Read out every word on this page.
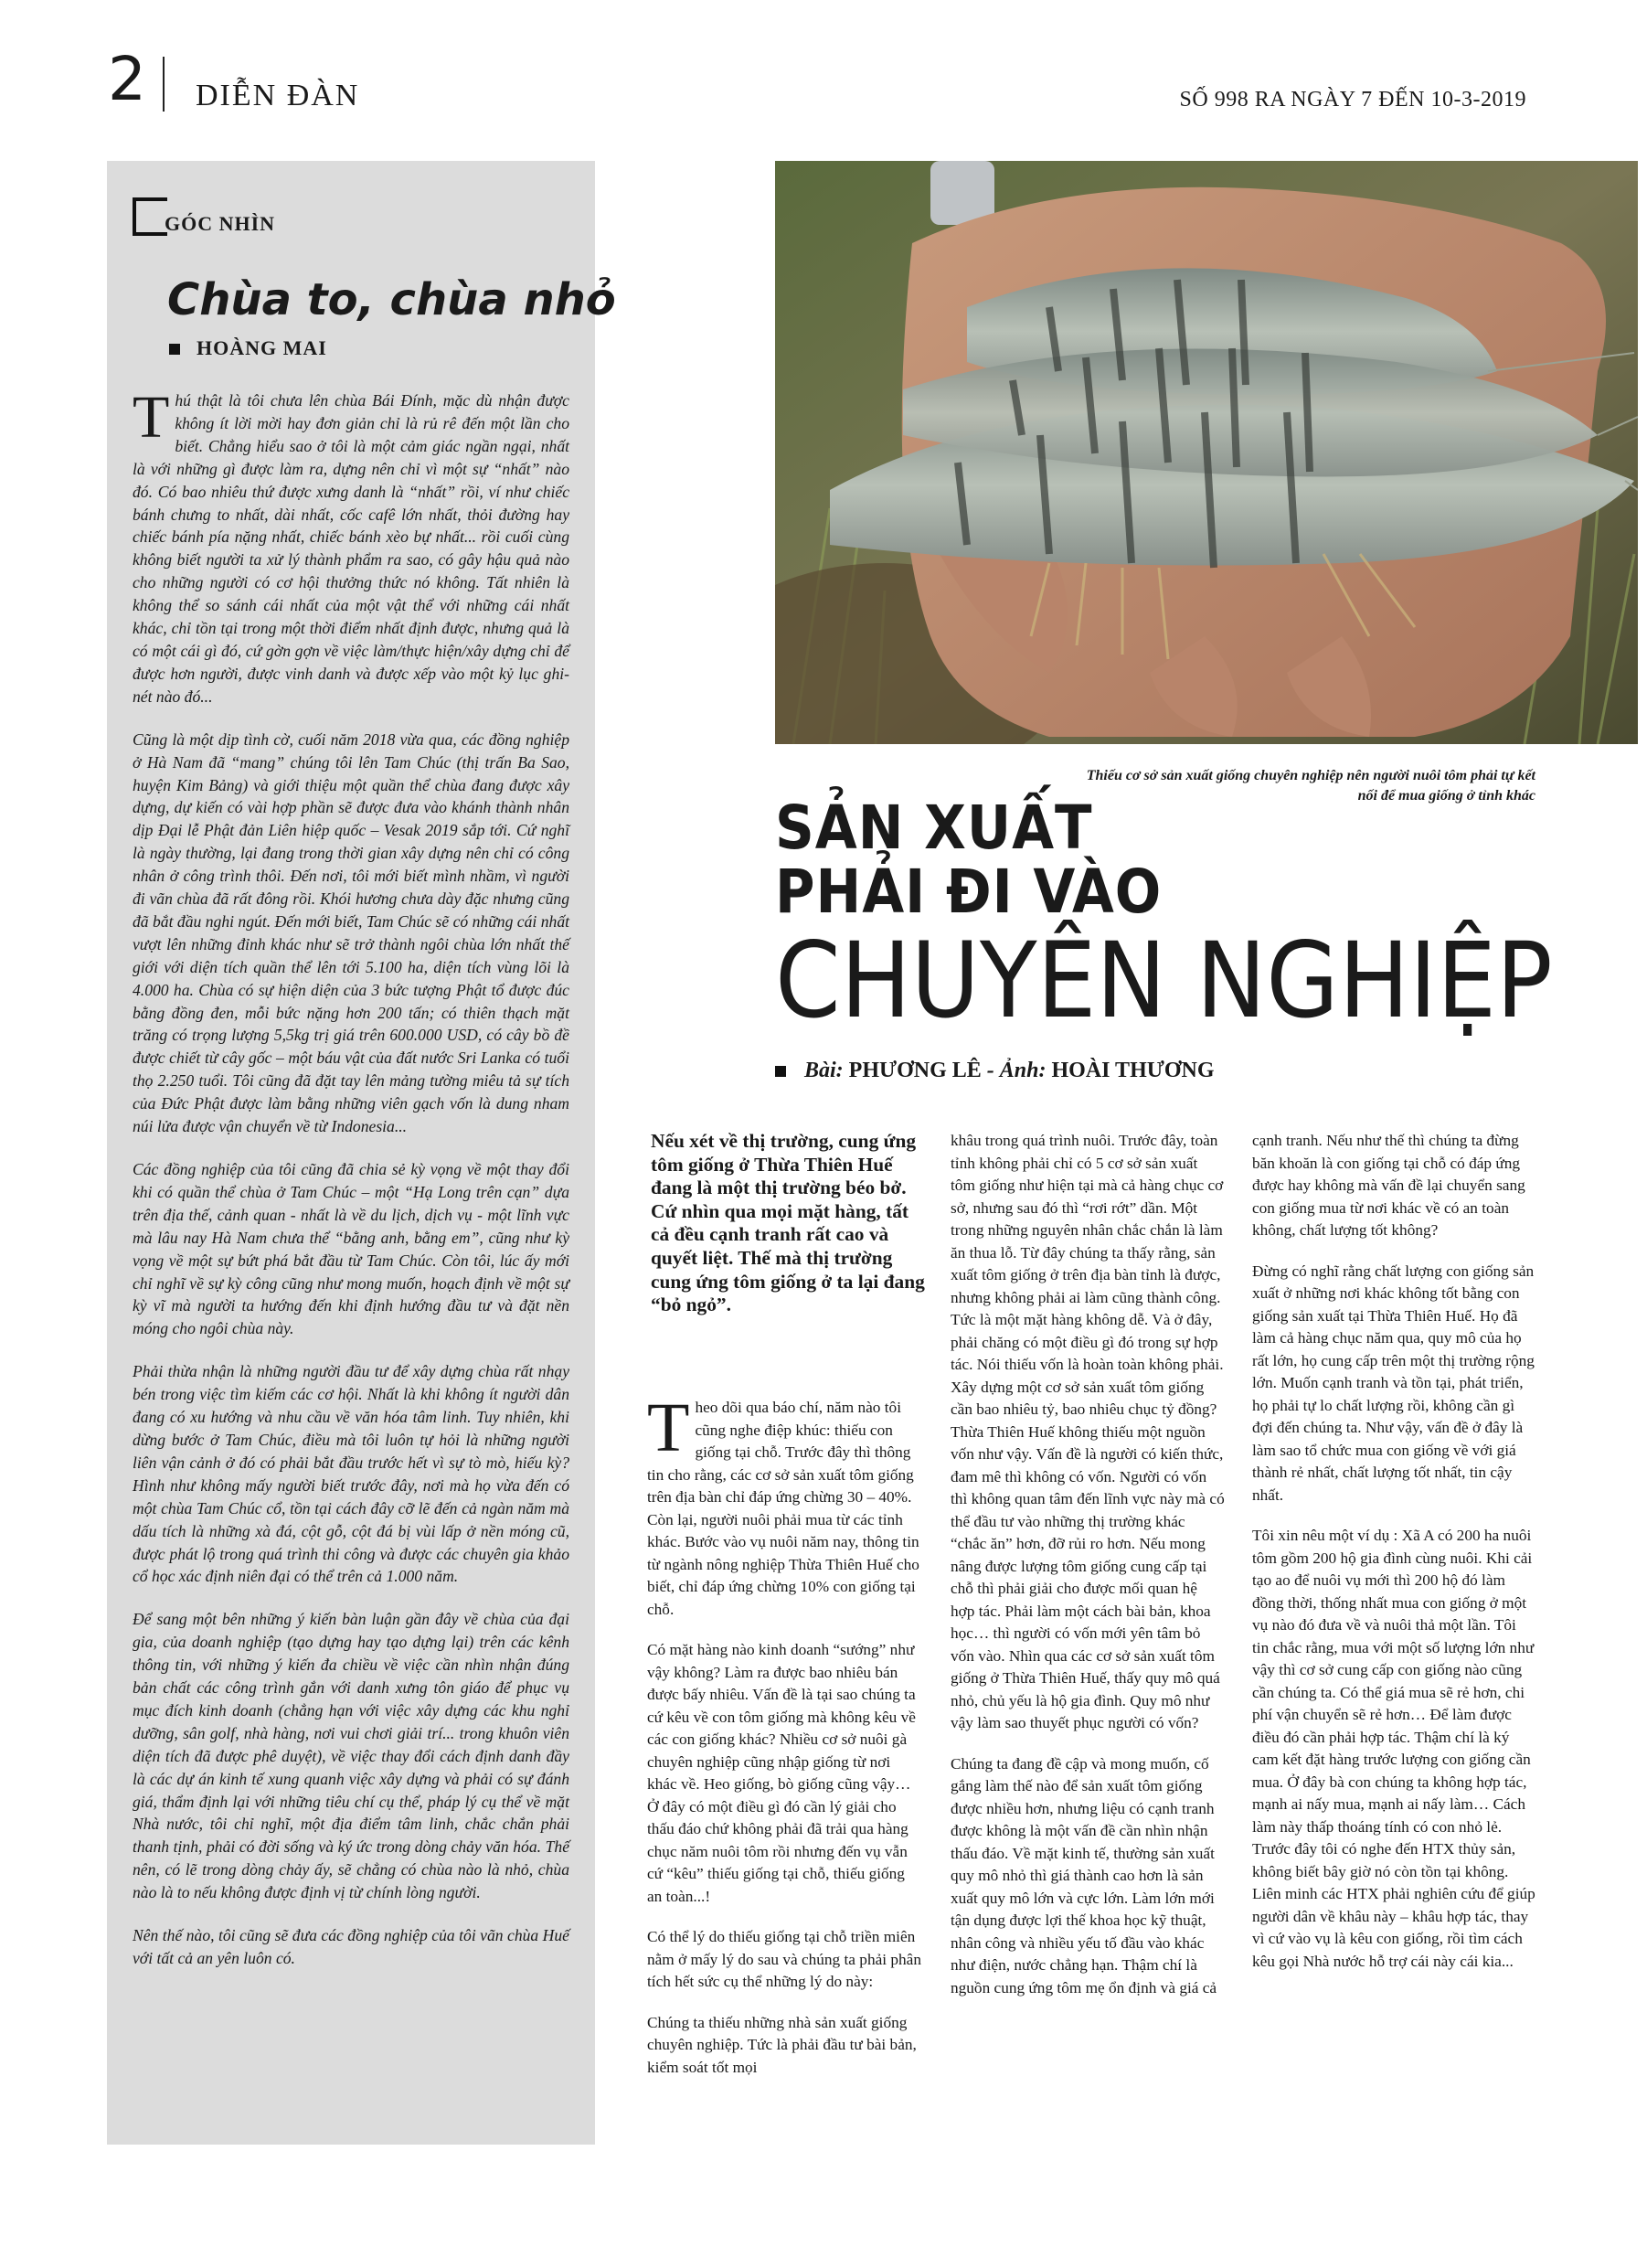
2 DIỄN ĐÀN	SỐ 998 RA NGÀY 7 ĐẾN 10-3-2019
GÓC NHÌN
Chùa to, chùa nhỏ
HOÀNG MAI

Thú thật là tôi chưa lên chùa Bái Đính, mặc dù nhận được không ít lời mời hay đơn giản chỉ là rủ rê đến một lần cho biết. Chẳng hiểu sao ở tôi là một cảm giác ngần ngại, nhất là với những gì được làm ra, dựng nên chỉ vì một sự “nhất” nào đó. Có bao nhiêu thứ được xưng danh là “nhất” rồi, ví như chiếc bánh chưng to nhất, dài nhất, cốc cafê lớn nhất, thỏi đường hay chiếc bánh pía nặng nhất, chiếc bánh xèo bự nhất... rồi cuối cùng không biết người ta xử lý thành phẩm ra sao, có gây hậu quả nào cho những người có cơ hội thưởng thức nó không. Tất nhiên là không thể so sánh cái nhất của một vật thể với những cái nhất khác, chỉ tồn tại trong một thời điểm nhất định được, nhưng quả là có một cái gì đó, cứ gờn gợn về việc làm/thực hiện/xây dựng chỉ để được hơn người, được vinh danh và được xếp vào một kỷ lục ghi-nét nào đó...

Cũng là một dịp tình cờ, cuối năm 2018 vừa qua, các đồng nghiệp ở Hà Nam đã “mang” chúng tôi lên Tam Chúc (thị trấn Ba Sao, huyện Kim Bảng) và giới thiệu một quần thể chùa đang được xây dựng, dự kiến có vài hợp phần sẽ được đưa vào khánh thành nhân dịp Đại lễ Phật đản Liên hiệp quốc – Vesak 2019 sắp tới. Cứ nghĩ là ngày thường, lại đang trong thời gian xây dựng nên chỉ có công nhân ở công trình thôi. Đến nơi, tôi mới biết mình nhầm, vì người đi vãn chùa đã rất đông rồi. Khói hương chưa dày đặc nhưng cũng đã bắt đầu nghi ngút. Đến mới biết, Tam Chúc sẽ có những cái nhất vượt lên những đỉnh khác như sẽ trở thành ngôi chùa lớn nhất thế giới với diện tích quần thể lên tới 5.100 ha, diện tích vùng lõi là 4.000 ha. Chùa có sự hiện diện của 3 bức tượng Phật tổ được đúc bằng đồng đen, mỗi bức nặng hơn 200 tấn; có thiên thạch mặt trăng có trọng lượng 5,5kg trị giá trên 600.000 USD, có cây bồ đề được chiết từ cây gốc – một báu vật của đất nước Sri Lanka có tuổi thọ 2.250 tuổi. Tôi cũng đã đặt tay lên mảng tường miêu tả sự tích của Đức Phật được làm bằng những viên gạch vốn là dung nham núi lửa được vận chuyển về từ Indonesia...

Các đồng nghiệp của tôi cũng đã chia sẻ kỳ vọng về một thay đổi khi có quần thể chùa ở Tam Chúc – một “Hạ Long trên cạn” dựa trên địa thế, cảnh quan - nhất là về du lịch, dịch vụ - một lĩnh vực mà lâu nay Hà Nam chưa thể “bằng anh, bằng em”, cũng như kỳ vọng về một sự bứt phá bắt đầu từ Tam Chúc. Còn tôi, lúc ấy mới chỉ nghĩ về sự kỳ công cũng như mong muốn, hoạch định về một sự kỳ vĩ mà người ta hướng đến khi định hướng đầu tư và đặt nền móng cho ngôi chùa này.

Phải thừa nhận là những người đầu tư để xây dựng chùa rất nhạy bén trong việc tìm kiếm các cơ hội. Nhất là khi không ít người dân đang có xu hướng và nhu cầu về văn hóa tâm linh. Tuy nhiên, khi dừng bước ở Tam Chúc, điều mà tôi luôn tự hỏi là những người liên vận cảnh ở đó có phải bắt đầu trước hết vì sự tò mò, hiếu kỳ? Hình như không mấy người biết trước đây, nơi mà họ vừa đến có một chùa Tam Chúc cổ, tồn tại cách đây cỡ lẽ đến cả ngàn năm mà dấu tích là những xà đá, cột gỗ, cột đá bị vùi lấp ở nền móng cũ, được phát lộ trong quá trình thi công và được các chuyên gia khảo cổ học xác định niên đại có thể trên cả 1.000 năm.

Để sang một bên những ý kiến bàn luận gần đây về chùa của đại gia, của doanh nghiệp (tạo dựng hay tạo dựng lại) trên các kênh thông tin, với những ý kiến đa chiều về việc cần nhìn nhận đúng bản chất các công trình gắn với danh xưng tôn giáo để phục vụ mục đích kinh doanh (chẳng hạn với việc xây dựng các khu nghỉ dưỡng, sân golf, nhà hàng, nơi vui chơi giải trí... trong khuôn viên diện tích đã được phê duyệt), về việc thay đổi cách định danh đầy là các dự án kinh tế xung quanh việc xây dựng và phải có sự đánh giá, thẩm định lại với những tiêu chí cụ thể, pháp lý cụ thể về mặt Nhà nước, tôi chỉ nghĩ, một địa điểm tâm linh, chắc chắn phải thanh tịnh, phải có đời sống và ký ức trong dòng chảy văn hóa. Thế nên, có lẽ trong dòng chảy ấy, sẽ chẳng có chùa nào là nhỏ, chùa nào là to nếu không được định vị từ chính lòng người.

Nên thế nào, tôi cũng sẽ đưa các đồng nghiệp của tôi vãn chùa Huế với tất cả an yên luôn có.

Thiếu cơ sở sản xuất giống chuyên nghiệp nên người nuôi tôm phải tự kết nối để mua giống ở tỉnh khác
SẢN XUẤT
PHẢI ĐI VÀO
CHUYÊN NGHIỆP
Bài: PHƯƠNG LÊ - Ảnh: HOÀI THƯƠNG
Nếu xét về thị trường, cung ứng tôm giống ở Thừa Thiên Huế đang là một thị trường béo bở. Cứ nhìn qua mọi mặt hàng, tất cả đều cạnh tranh rất cao và quyết liệt. Thế mà thị trường cung ứng tôm giống ở ta lại đang “bỏ ngỏ”.

Theo dõi qua báo chí, năm nào tôi cũng nghe điệp khúc: thiếu con giống tại chỗ. Trước đây thì thông tin cho rằng, các cơ sở sản xuất tôm giống trên địa bàn chỉ đáp ứng chừng 30 – 40%. Còn lại, người nuôi phải mua từ các tỉnh khác. Bước vào vụ nuôi năm nay, thông tin từ ngành nông nghiệp Thừa Thiên Huế cho biết, chỉ đáp ứng chừng 10% con giống tại chỗ.

Có mặt hàng nào kinh doanh “sướng” như vậy không? Làm ra được bao nhiêu bán được bấy nhiêu. Vấn đề là tại sao chúng ta cứ kêu về con tôm giống mà không kêu về các con giống khác? Nhiều cơ sở nuôi gà chuyên nghiệp cũng nhập giống từ nơi khác về. Heo giống, bò giống cũng vậy… Ở đây có một điều gì đó cần lý giải cho thấu đáo chứ không phải đã trải qua hàng chục năm nuôi tôm rồi nhưng đến vụ vẫn cứ “kêu” thiếu giống tại chỗ, thiếu giống an toàn...!

Có thể lý do thiếu giống tại chỗ triền miên nằm ở mấy lý do sau và chúng ta phải phân tích hết sức cụ thể những lý do này:

Chúng ta thiếu những nhà sản xuất giống chuyên nghiệp. Tức là phải đầu tư bài bản, kiểm soát tốt mọi

khâu trong quá trình nuôi. Trước đây, toàn tỉnh không phải chỉ có 5 cơ sở sản xuất tôm giống như hiện tại mà cả hàng chục cơ sở, nhưng sau đó thì “rơi rớt” dần. Một trong những nguyên nhân chắc chắn là làm ăn thua lỗ. Từ đây chúng ta thấy rằng, sản xuất tôm giống ở trên địa bàn tỉnh là được, nhưng không phải ai làm cũng thành công. Tức là một mặt hàng không dễ. Và ở đây, phải chăng có một điều gì đó trong sự hợp tác. Nói thiếu vốn là hoàn toàn không phải. Xây dựng một cơ sở sản xuất tôm giống cần bao nhiêu tỷ, bao nhiêu chục tỷ đồng? Thừa Thiên Huế không thiếu một nguồn vốn như vậy. Vấn đề là người có kiến thức, đam mê thì không có vốn. Người có vốn thì không quan tâm đến lĩnh vực này mà có thể đầu tư vào những thị trường khác “chắc ăn” hơn, đỡ rủi ro hơn. Nếu mong nâng được lượng tôm giống cung cấp tại chỗ thì phải giải cho được mối quan hệ hợp tác. Phải làm một cách bài bản, khoa học… thì người có vốn mới yên tâm bỏ vốn vào. Nhìn qua các cơ sở sản xuất tôm giống ở Thừa Thiên Huế, thấy quy mô quá nhỏ, chủ yếu là hộ gia đình. Quy mô như vậy làm sao thuyết phục người có vốn?

Chúng ta đang đề cập và mong muốn, cố gắng làm thế nào để sản xuất tôm giống được nhiều hơn, nhưng liệu có cạnh tranh được không là một vấn đề cần nhìn nhận thấu đáo. Về mặt kinh tế, thường sản xuất quy mô nhỏ thì giá thành cao hơn là sản xuất quy mô lớn và cực lớn. Làm lớn mới tận dụng được lợi thế khoa học kỹ thuật, nhân công và nhiều yếu tố đầu vào khác như điện, nước chẳng hạn. Thậm chí là nguồn cung ứng tôm mẹ ổn định và giá cả

cạnh tranh. Nếu như thế thì chúng ta đừng băn khoăn là con giống tại chỗ có đáp ứng được hay không mà vấn đề lại chuyển sang con giống mua từ nơi khác về có an toàn không, chất lượng tốt không?

Đừng có nghĩ rằng chất lượng con giống sản xuất ở những nơi khác không tốt bằng con giống sản xuất tại Thừa Thiên Huế. Họ đã làm cả hàng chục năm qua, quy mô của họ rất lớn, họ cung cấp trên một thị trường rộng lớn. Muốn cạnh tranh và tồn tại, phát triển, họ phải tự lo chất lượng rồi, không cần gì đợi đến chúng ta. Như vậy, vấn đề ở đây là làm sao tổ chức mua con giống về với giá thành rẻ nhất, chất lượng tốt nhất, tin cậy nhất.

Tôi xin nêu một ví dụ : Xã A có 200 ha nuôi tôm gồm 200 hộ gia đình cùng nuôi. Khi cải tạo ao để nuôi vụ mới thì 200 hộ đó làm đồng thời, thống nhất mua con giống ở một vụ nào đó đưa về và nuôi thả một lần. Tôi tin chắc rằng, mua với một số lượng lớn như vậy thì cơ sở cung cấp con giống nào cũng cần chúng ta. Có thể giá mua sẽ rẻ hơn, chi phí vận chuyển sẽ rẻ hơn… Để làm được điều đó cần phải hợp tác. Thậm chí là ký cam kết đặt hàng trước lượng con giống cần mua. Ở đây bà con chúng ta không hợp tác, mạnh ai nấy mua, mạnh ai nấy làm… Cách làm này thấp thoáng tính có con nhỏ lẻ. Trước đây tôi có nghe đến HTX thủy sản, không biết bây giờ nó còn tồn tại không. Liên minh các HTX phải nghiên cứu để giúp người dân về khâu này – khâu hợp tác, thay vì cứ vào vụ là kêu con giống, rồi tìm cách kêu gọi Nhà nước hỗ trợ cái này cái kia...
